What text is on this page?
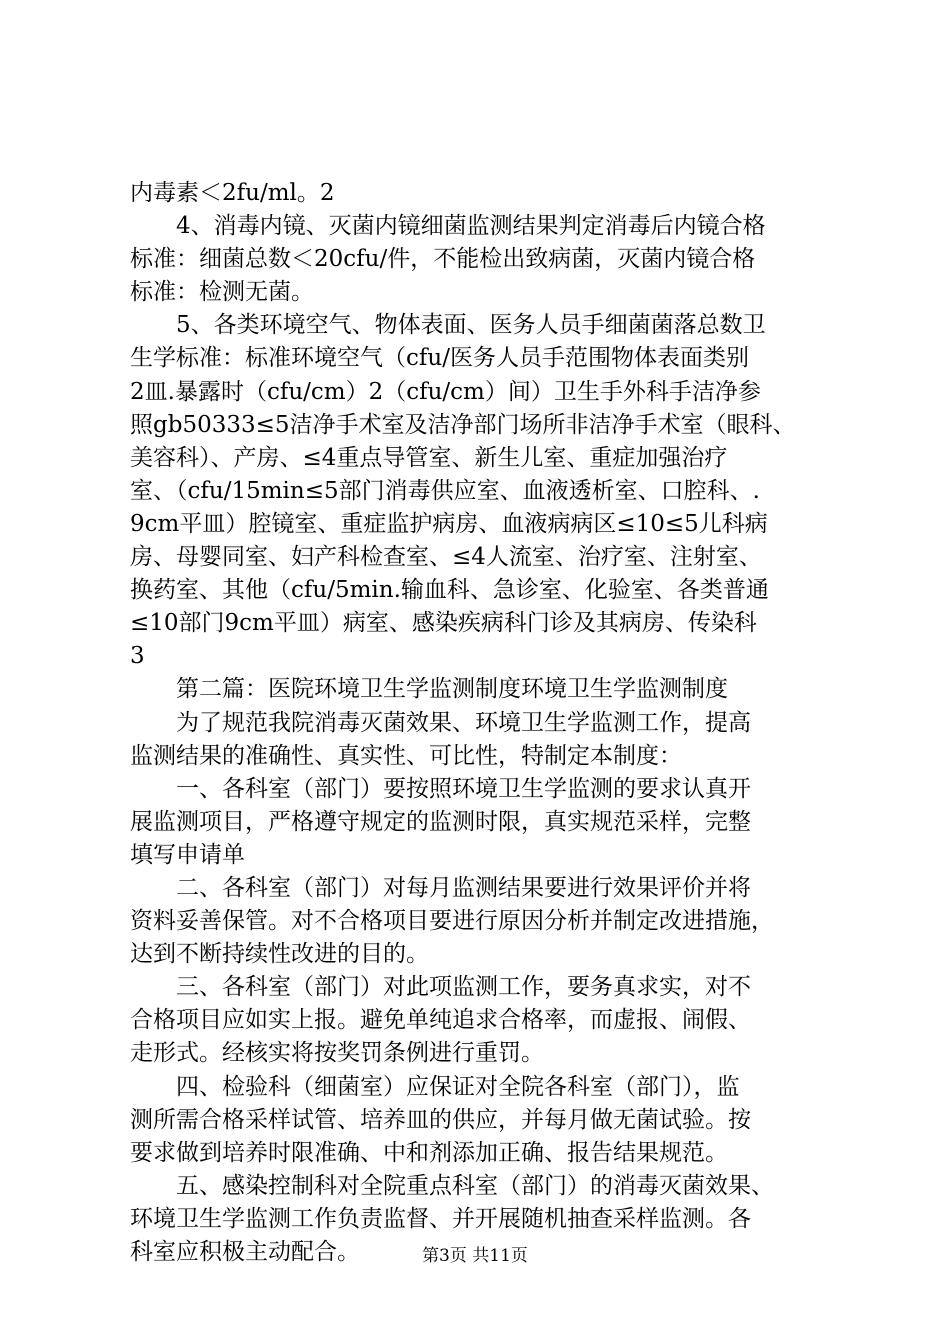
内毒素＜2fu/ml。2
　　4、消毒内镜、灭菌内镜细菌监测结果判定消毒后内镜合格
标准：细菌总数＜20cfu/件，不能检出致病菌，灭菌内镜合格
标准：检测无菌。
　　5、各类环境空气、物体表面、医务人员手细菌菌落总数卫
生学标准：标准环境空气（cfu/医务人员手范围物体表面类别
2皿.暴露时（cfu/cm）2（cfu/cm）间）卫生手外科手洁净参
照gb50333≤5洁净手术室及洁净部门场所非洁净手术室（眼科、
美容科）、产房、≤4重点导管室、新生儿室、重症加强治疗
室、（cfu/15min≤5部门消毒供应室、血液透析室、口腔科、.
9cm平皿）腔镜室、重症监护病房、血液病病区≤10≤5儿科病
房、母婴同室、妇产科检查室、≤4人流室、治疗室、注射室、
换药室、其他（cfu/5min.输血科、急诊室、化验室、各类普通
≤10部门9cm平皿）病室、感染疾病科门诊及其病房、传染科
3
　　第二篇：医院环境卫生学监测制度环境卫生学监测制度
　　为了规范我院消毒灭菌效果、环境卫生学监测工作，提高
监测结果的准确性、真实性、可比性，特制定本制度：
　　一、各科室（部门）要按照环境卫生学监测的要求认真开
展监测项目，严格遵守规定的监测时限，真实规范采样，完整
填写申请单
　　二、各科室（部门）对每月监测结果要进行效果评价并将
资料妥善保管。对不合格项目要进行原因分析并制定改进措施，
达到不断持续性改进的目的。
　　三、各科室（部门）对此项监测工作，要务真求实，对不
合格项目应如实上报。避免单纯追求合格率，而虚报、闹假、
走形式。经核实将按奖罚条例进行重罚。
　　四、检验科（细菌室）应保证对全院各科室（部门），监
测所需合格采样试管、培养皿的供应，并每月做无菌试验。按
要求做到培养时限准确、中和剂添加正确、报告结果规范。
　　五、感染控制科对全院重点科室（部门）的消毒灭菌效果、
环境卫生学监测工作负责监督、并开展随机抽查采样监测。各
科室应积极主动配合。	第3页 共11页
